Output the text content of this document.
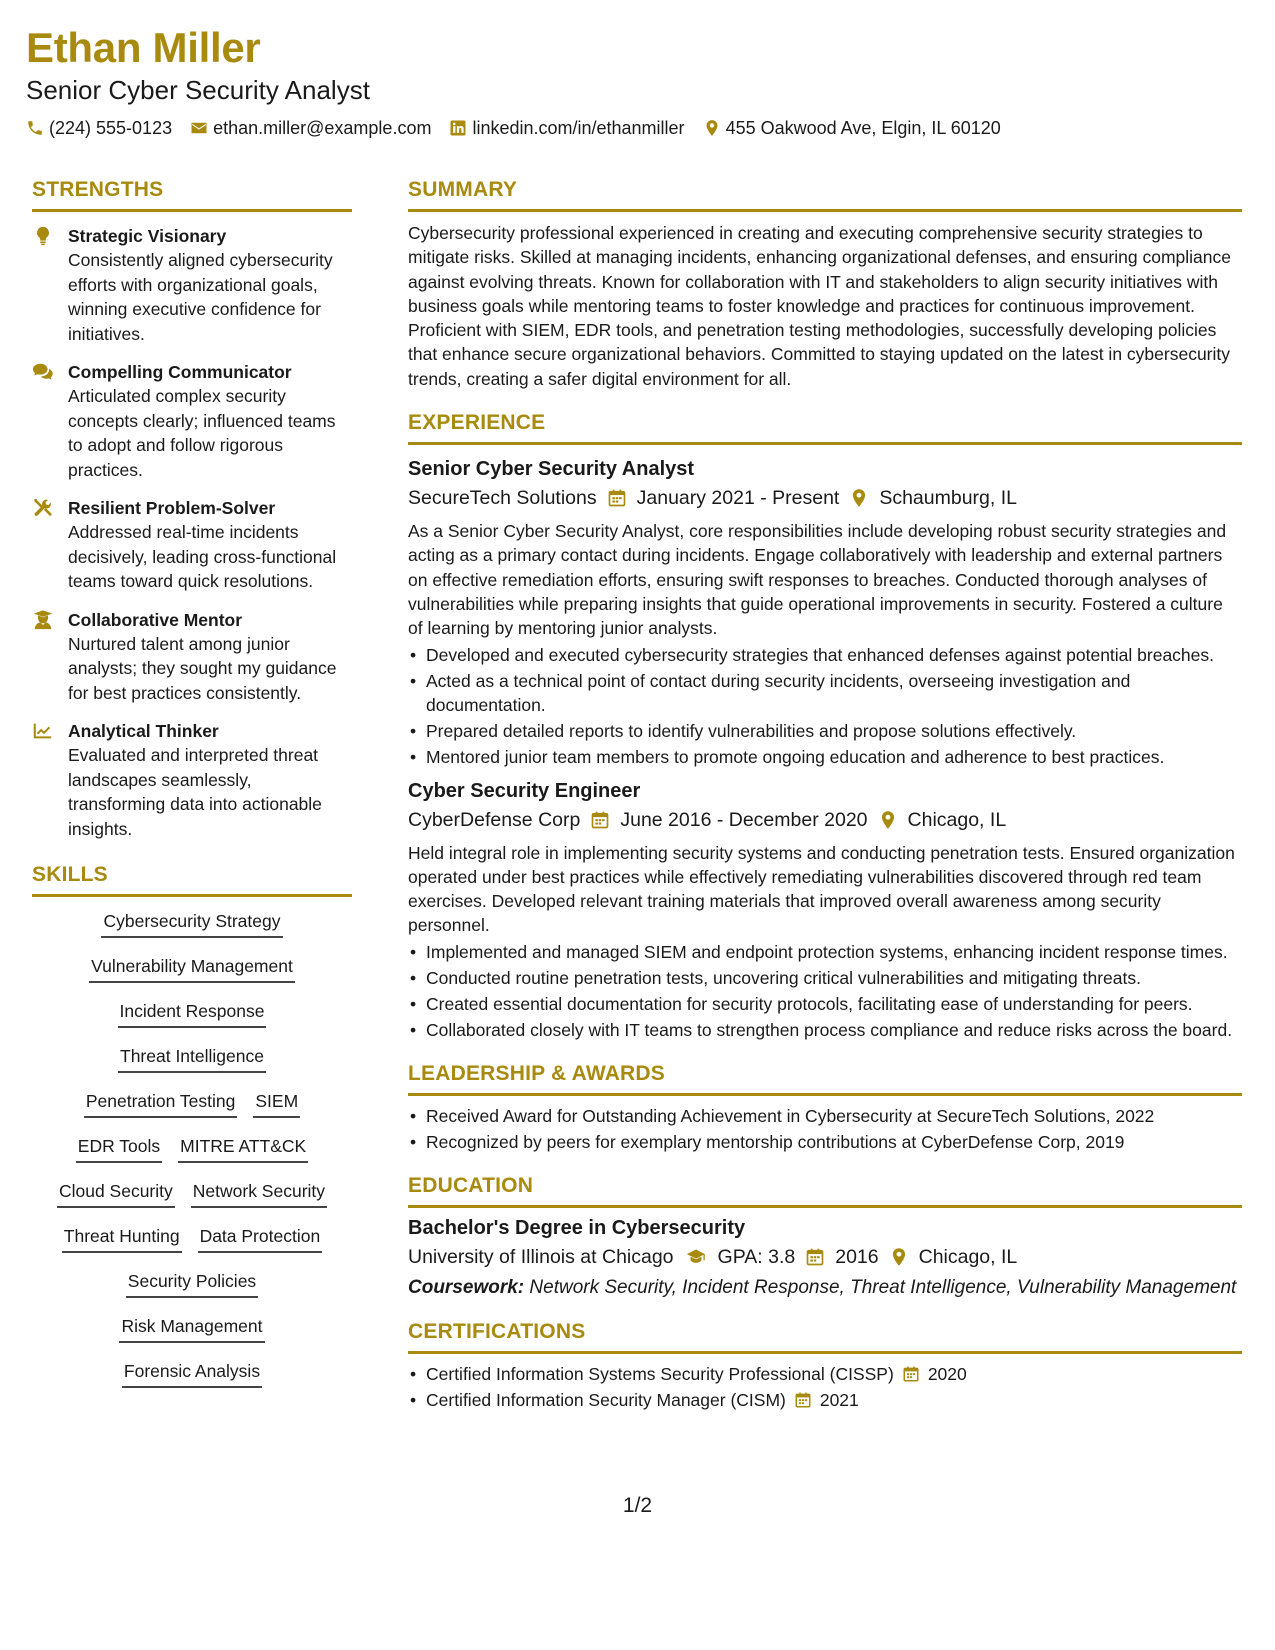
Ethan Miller
Senior Cyber Security Analyst
(224) 555-0123 ethan.miller@example.com linkedin.com/in/ethanmiller 455 Oakwood Ave, Elgin, IL 60120
STRENGTHS
Strategic Visionary
Consistently aligned cybersecurity efforts with organizational goals, winning executive confidence for initiatives.
Compelling Communicator
Articulated complex security concepts clearly; influenced teams to adopt and follow rigorous practices.
Resilient Problem-Solver
Addressed real-time incidents decisively, leading cross-functional teams toward quick resolutions.
Collaborative Mentor
Nurtured talent among junior analysts; they sought my guidance for best practices consistently.
Analytical Thinker
Evaluated and interpreted threat landscapes seamlessly, transforming data into actionable insights.
SKILLS
Cybersecurity Strategy
Vulnerability Management
Incident Response
Threat Intelligence
Penetration Testing SIEM
EDR Tools MITRE ATT&CK
Cloud Security Network Security
Threat Hunting Data Protection
Security Policies
Risk Management
Forensic Analysis
SUMMARY
Cybersecurity professional experienced in creating and executing comprehensive security strategies to mitigate risks. Skilled at managing incidents, enhancing organizational defenses, and ensuring compliance against evolving threats. Known for collaboration with IT and stakeholders to align security initiatives with business goals while mentoring teams to foster knowledge and practices for continuous improvement. Proficient with SIEM, EDR tools, and penetration testing methodologies, successfully developing policies that enhance secure organizational behaviors. Committed to staying updated on the latest in cybersecurity trends, creating a safer digital environment for all.
EXPERIENCE
Senior Cyber Security Analyst
SecureTech Solutions January 2021 - Present Schaumburg, IL
As a Senior Cyber Security Analyst, core responsibilities include developing robust security strategies and acting as a primary contact during incidents. Engage collaboratively with leadership and external partners on effective remediation efforts, ensuring swift responses to breaches. Conducted thorough analyses of vulnerabilities while preparing insights that guide operational improvements in security. Fostered a culture of learning by mentoring junior analysts.
• Developed and executed cybersecurity strategies that enhanced defenses against potential breaches.
• Acted as a technical point of contact during security incidents, overseeing investigation and documentation.
• Prepared detailed reports to identify vulnerabilities and propose solutions effectively.
• Mentored junior team members to promote ongoing education and adherence to best practices.
Cyber Security Engineer
CyberDefense Corp June 2016 - December 2020 Chicago, IL
Held integral role in implementing security systems and conducting penetration tests. Ensured organization operated under best practices while effectively remediating vulnerabilities discovered through red team exercises. Developed relevant training materials that improved overall awareness among security personnel.
• Implemented and managed SIEM and endpoint protection systems, enhancing incident response times.
• Conducted routine penetration tests, uncovering critical vulnerabilities and mitigating threats.
• Created essential documentation for security protocols, facilitating ease of understanding for peers.
• Collaborated closely with IT teams to strengthen process compliance and reduce risks across the board.
LEADERSHIP & AWARDS
• Received Award for Outstanding Achievement in Cybersecurity at SecureTech Solutions, 2022
• Recognized by peers for exemplary mentorship contributions at CyberDefense Corp, 2019
EDUCATION
Bachelor's Degree in Cybersecurity
University of Illinois at Chicago GPA: 3.8 2016 Chicago, IL
Coursework: Network Security, Incident Response, Threat Intelligence, Vulnerability Management
CERTIFICATIONS
• Certified Information Systems Security Professional (CISSP) 2020
• Certified Information Security Manager (CISM) 2021
1/2
